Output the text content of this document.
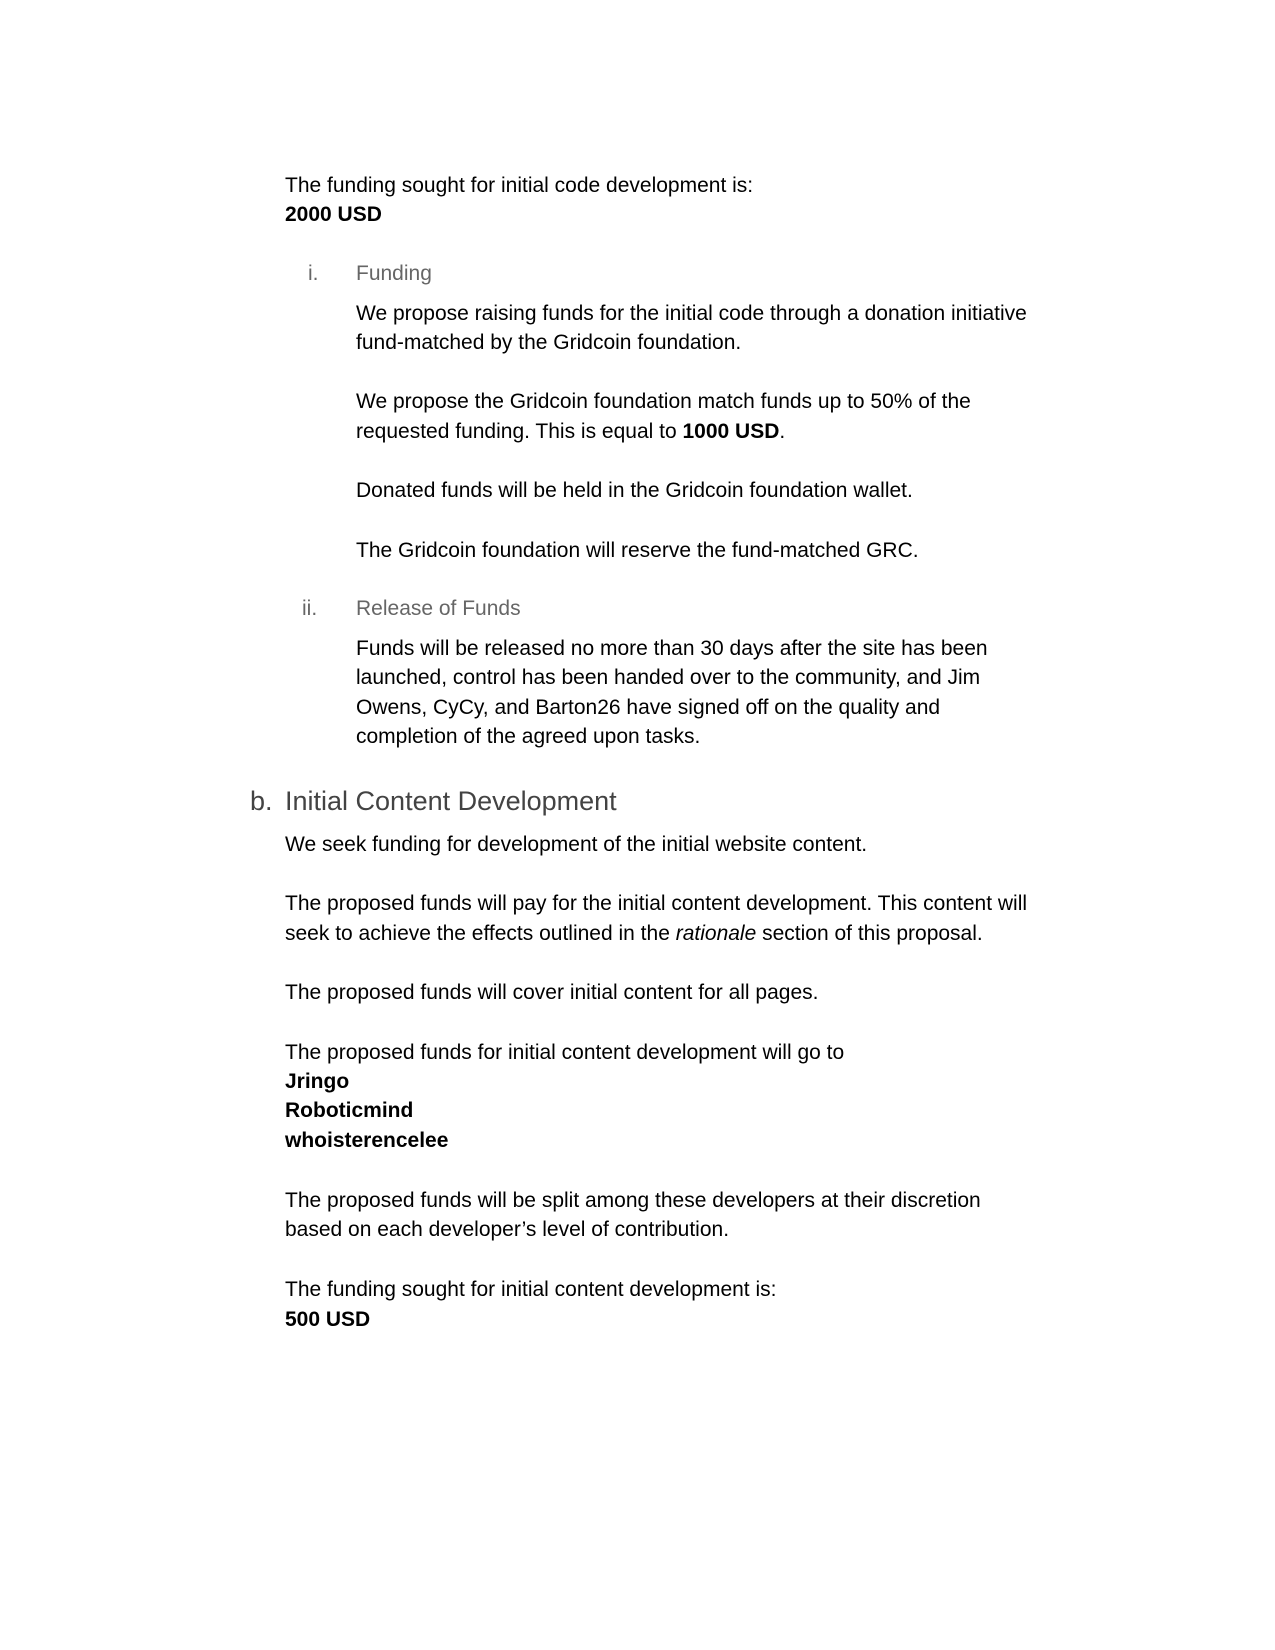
The funding sought for initial code development is:
2000 USD
i. Funding
We propose raising funds for the initial code through a donation initiative
fund-matched by the Gridcoin foundation.
We propose the Gridcoin foundation match funds up to 50% of the
requested funding. This is equal to 1000 USD.
Donated funds will be held in the Gridcoin foundation wallet.
The Gridcoin foundation will reserve the fund-matched GRC.
ii. Release of Funds
Funds will be released no more than 30 days after the site has been
launched, control has been handed over to the community, and Jim
Owens, CyCy, and Barton26 have signed off on the quality and
completion of the agreed upon tasks.
b. Initial Content Development
We seek funding for development of the initial website content.
The proposed funds will pay for the initial content development. This content will
seek to achieve the effects outlined in the rationale section of this proposal.
The proposed funds will cover initial content for all pages.
The proposed funds for initial content development will go to
Jringo
Roboticmind
whoisterencelee
The proposed funds will be split among these developers at their discretion
based on each developer’s level of contribution.
The funding sought for initial content development is:
500 USD
